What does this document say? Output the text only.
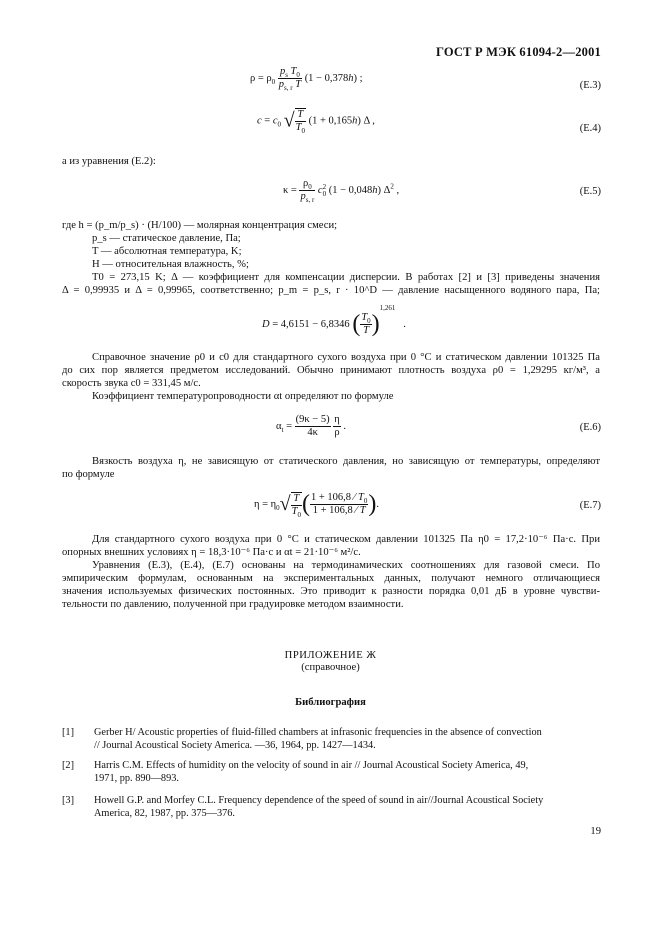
ГОСТ Р МЭК 61094-2—2001
$\rho = \rho_0 \frac{p_s T_0}{p_{s, r} T} (1 - 0,378h)$ ;
(E.3)
$c = c_0$ √ $\frac{T}{T_0} (1 + 0,165h)$ Δ ,
(E.4)
а из уравнения (E.2):
$\kappa = \frac{\rho_0}{p_{s, r}} c2$
0 (1 − 0,048h) $\Delta^2$ ,	(E.5)
где h = (p_m/p_s) · (H/100) — молярная концентрация смеси;
p_s — статическое давление, Па;
T — абсолютная температура, K;
H — относительная влажность, %;
T0 = 273,15 K; Δ — коэффициент для компенсации дисперсии. В работах [2] и [3] приведены значения
Δ = 0,99935 и Δ = 0,99965, соответственно; p_m = p_s, r · 10^D — давление насыщенного водяного пара, Па;
D = 4,6151 − 6,8346 ( $\frac{T_0}{T} )^{1,261}$   .
Справочное значение ρ0 и c0 для стандартного сухого воздуха при 0 °C и статическом давлении 101325 Па
до сих пор является предметом исследований. Обычно принимают плотность воздуха ρ0 = 1,29295 кг/м³, а
скорость звука c0 = 331,45 м/с.
Коэффициент температуропроводности αt определяют по формуле
$\alpha_t = \frac{(9\kappa - 5)}{4\kappa}$
$\frac{\eta}{\rho}$ .	(E.6)
Вязкость воздуха η, не зависящую от статического давления, но зависящую от температуры, определяют
по формуле
$\eta = \eta_0√ \frac{T}{T_0}$ ( $\frac{1 + 106,8 ⁄ T_0}{1 + 106,8 ⁄ T}$ ).	(E.7)
Для стандартного сухого воздуха при 0 °C и статическом давлении 101325 Па η0 = 17,2·10⁻⁶ Па·с. При
опорных внешних условиях η = 18,3·10⁻⁶ Па·с и αt = 21·10⁻⁶ м²/с.
Уравнения (E.3), (E.4), (E.7) основаны на термодинамических соотношениях для газовой смеси. По
эмпирическим формулам, основанным на экспериментальных данных, получают немного отличающиеся
значения используемых физических постоянных. Это приводит к разности порядка 0,01 дБ в уровне чувстви-
тельности по давлению, полученной при градуировке методом взаимности.
ПРИЛОЖЕНИЕ Ж
(справочное)
Библиография
[1] Gerber H/ Acoustic properties of fluid-filled chambers at infrasonic frequencies in the absence of convection
// Journal Acoustical Society America. —36, 1964, pp. 1427—1434.
[2] Harris C.M. Effects of humidity on the velocity of sound in air // Journal Acoustical Society America, 49,
1971, pp. 890—893.
[3] Howell G.P. and Morfey C.L. Frequency dependence of the speed of sound in air//Journal Acoustical Society
America, 82, 1987, pp. 375—376.
19
